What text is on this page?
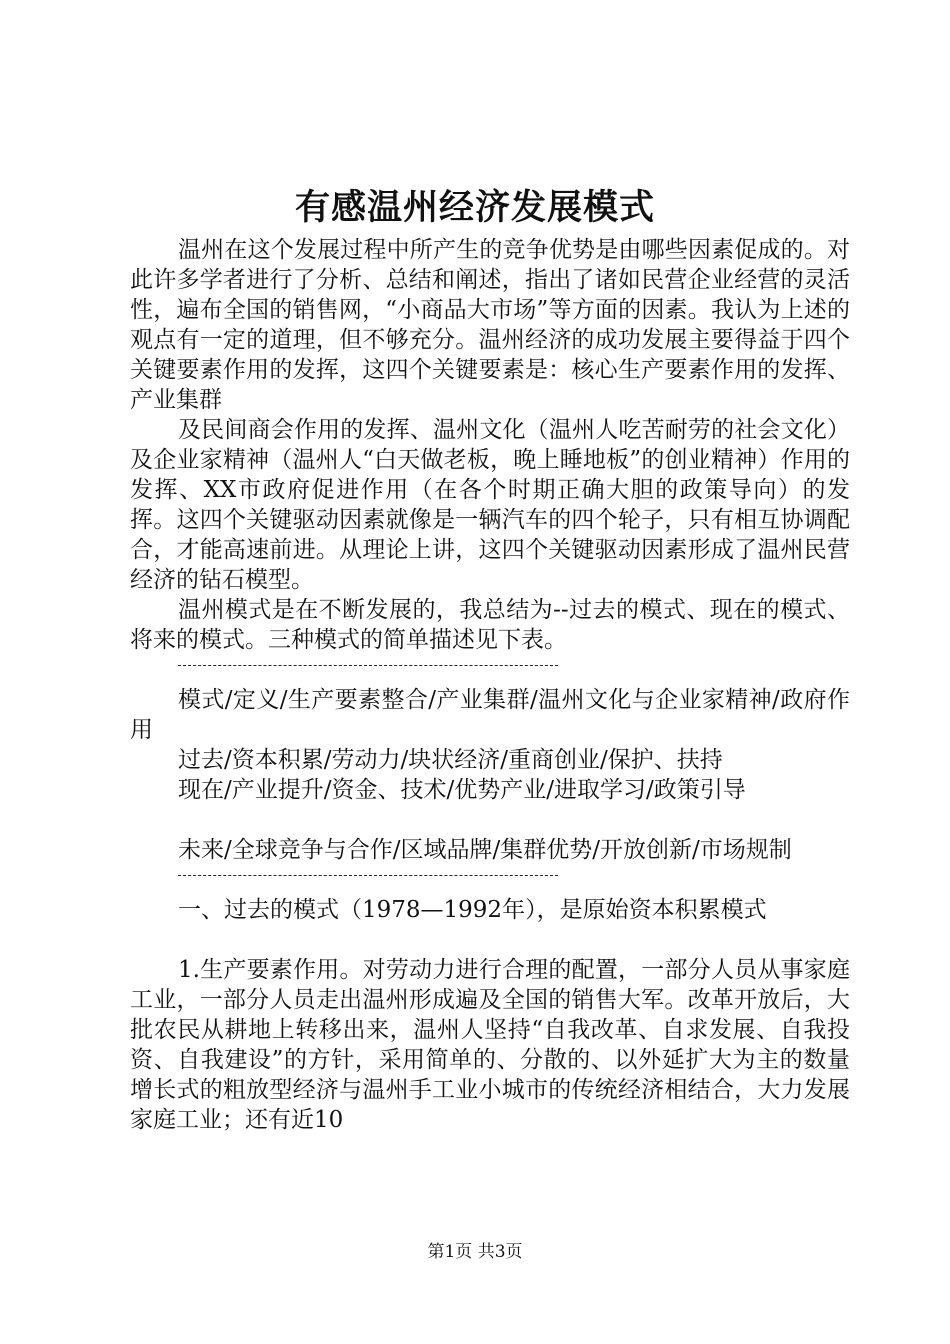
有感温州经济发展模式

温州在这个发展过程中所产生的竞争优势是由哪些因素促成的。对此许多学者进行了分析、总结和阐述，指出了诸如民营企业经营的灵活性，遍布全国的销售网，“小商品大市场”等方面的因素。我认为上述的观点有一定的道理，但不够充分。温州经济的成功发展主要得益于四个关键要素作用的发挥，这四个关键要素是：核心生产要素作用的发挥、产业集群

及民间商会作用的发挥、温州文化（温州人吃苦耐劳的社会文化）及企业家精神（温州人“白天做老板，晚上睡地板”的创业精神）作用的发挥、XX市政府促进作用（在各个时期正确大胆的政策导向）的发挥。这四个关键驱动因素就像是一辆汽车的四个轮子，只有相互协调配合，才能高速前进。从理论上讲，这四个关键驱动因素形成了温州民营经济的钻石模型。

温州模式是在不断发展的，我总结为--过去的模式、现在的模式、将来的模式。三种模式的简单描述见下表。

模式/定义/生产要素整合/产业集群/温州文化与企业家精神/政府作用

过去/资本积累/劳动力/块状经济/重商创业/保护、扶持

现在/产业提升/资金、技术/优势产业/进取学习/政策引导

未来/全球竞争与合作/区域品牌/集群优势/开放创新/市场规制

一、过去的模式（1978—1992年），是原始资本积累模式

1.生产要素作用。对劳动力进行合理的配置，一部分人员从事家庭工业，一部分人员走出温州形成遍及全国的销售大军。改革开放后，大批农民从耕地上转移出来，温州人坚持“自我改革、自求发展、自我投资、自我建设”的方针，采用简单的、分散的、以外延扩大为主的数量增长式的粗放型经济与温州手工业小城市的传统经济相结合，大力发展家庭工业；还有近10

第1页 共3页
